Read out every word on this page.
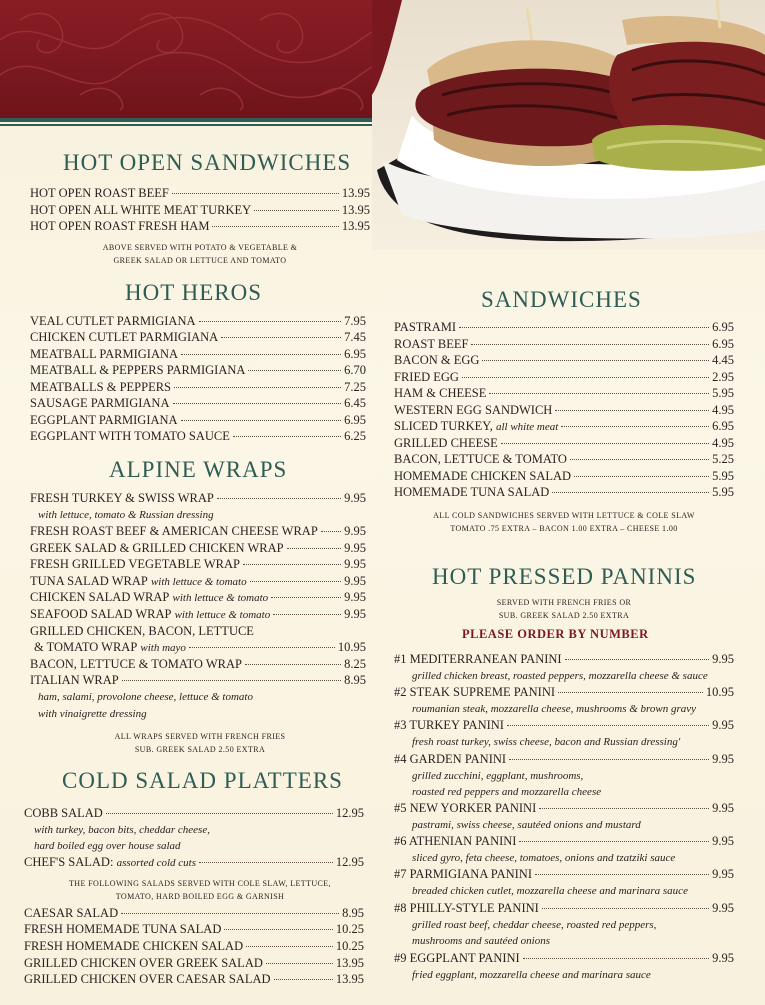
HOT OPEN SANDWICHES
HOT OPEN ROAST BEEF	13.95
HOT OPEN ALL WHITE MEAT TURKEY	13.95
HOT OPEN ROAST FRESH HAM	13.95
ABOVE SERVED WITH POTATO & VEGETABLE &
GREEK SALAD OR LETTUCE AND TOMATO
HOT HEROS
VEAL CUTLET PARMIGIANA	7.95
CHICKEN CUTLET PARMIGIANA	7.45
MEATBALL PARMIGIANA	6.95
MEATBALL & PEPPERS PARMIGIANA	6.70
MEATBALLS & PEPPERS	7.25
SAUSAGE PARMIGIANA	6.45
EGGPLANT PARMIGIANA	6.95
EGGPLANT WITH TOMATO SAUCE	6.25
ALPINE WRAPS
FRESH TURKEY & SWISS WRAP	9.95
with lettuce, tomato & Russian dressing
FRESH ROAST BEEF & AMERICAN CHEESE WRAP 9.95
GREEK SALAD & GRILLED CHICKEN WRAP	9.95
FRESH GRILLED VEGETABLE WRAP	9.95
TUNA SALAD WRAP
with lettuce & tomato	9.95
CHICKEN SALAD WRAP
with lettuce & tomato	9.95
SEAFOOD SALAD WRAP
with lettuce & tomato	9.95
GRILLED CHICKEN, BACON, LETTUCE
& TOMATO WRAP
with mayo	10.95
BACON, LETTUCE & TOMATO WRAP	8.25
ITALIAN WRAP	8.95
ham, salami, provolone cheese, lettuce & tomato
with vinaigrette dressing
ALL WRAPS SERVED WITH FRENCH FRIES
SUB. GREEK SALAD 2.50 EXTRA
COLD SALAD PLATTERS
COBB SALAD	12.95
with turkey, bacon bits, cheddar cheese,
hard boiled egg over house salad
CHEF'S SALAD:
assorted cold cuts	12.95
THE FOLLOWING SALADS SERVED WITH COLE SLAW, LETTUCE,
TOMATO, HARD BOILED EGG & GARNISH
CAESAR SALAD	8.95
FRESH HOMEMADE TUNA SALAD	10.25
FRESH HOMEMADE CHICKEN SALAD	10.25
GRILLED CHICKEN OVER GREEK SALAD	13.95
GRILLED CHICKEN OVER CAESAR SALAD	13.95
SANDWICHES
PASTRAMI	6.95
ROAST BEEF	6.95
BACON & EGG	4.45
FRIED EGG	2.95
HAM & CHEESE	5.95
WESTERN EGG SANDWICH	4.95
SLICED TURKEY,
all white meat	6.95
GRILLED CHEESE	4.95
BACON, LETTUCE & TOMATO	5.25
HOMEMADE CHICKEN SALAD	5.95
HOMEMADE TUNA SALAD	5.95
ALL COLD SANDWICHES SERVED WITH LETTUCE & COLE SLAW
TOMATO .75 EXTRA – BACON 1.00 EXTRA – CHEESE 1.00
HOT PRESSED PANINIS
SERVED WITH FRENCH FRIES OR
SUB. GREEK SALAD 2.50 EXTRA
PLEASE ORDER BY NUMBER
#1 MEDITERRANEAN PANINI	9.95
grilled chicken breast, roasted peppers, mozzarella cheese & sauce
#2 STEAK SUPREME PANINI	10.95
roumanian steak, mozzarella cheese, mushrooms & brown gravy
#3 TURKEY PANINI	9.95
fresh roast turkey, swiss cheese, bacon and Russian dressing'
#4 GARDEN PANINI	9.95
grilled zucchini, eggplant, mushrooms,
roasted red peppers and mozzarella cheese
#5 NEW YORKER PANINI	9.95
pastrami, swiss cheese, sautéed onions and mustard
#6 ATHENIAN PANINI	9.95
sliced gyro, feta cheese, tomatoes, onions and tzatziki sauce
#7 PARMIGIANA PANINI	9.95
breaded chicken cutlet, mozzarella cheese and marinara sauce
#8 PHILLY-STYLE PANINI	9.95
grilled roast beef, cheddar cheese, roasted red peppers,
mushrooms and sautéed onions
#9 EGGPLANT PANINI	9.95
fried eggplant, mozzarella cheese and marinara sauce
